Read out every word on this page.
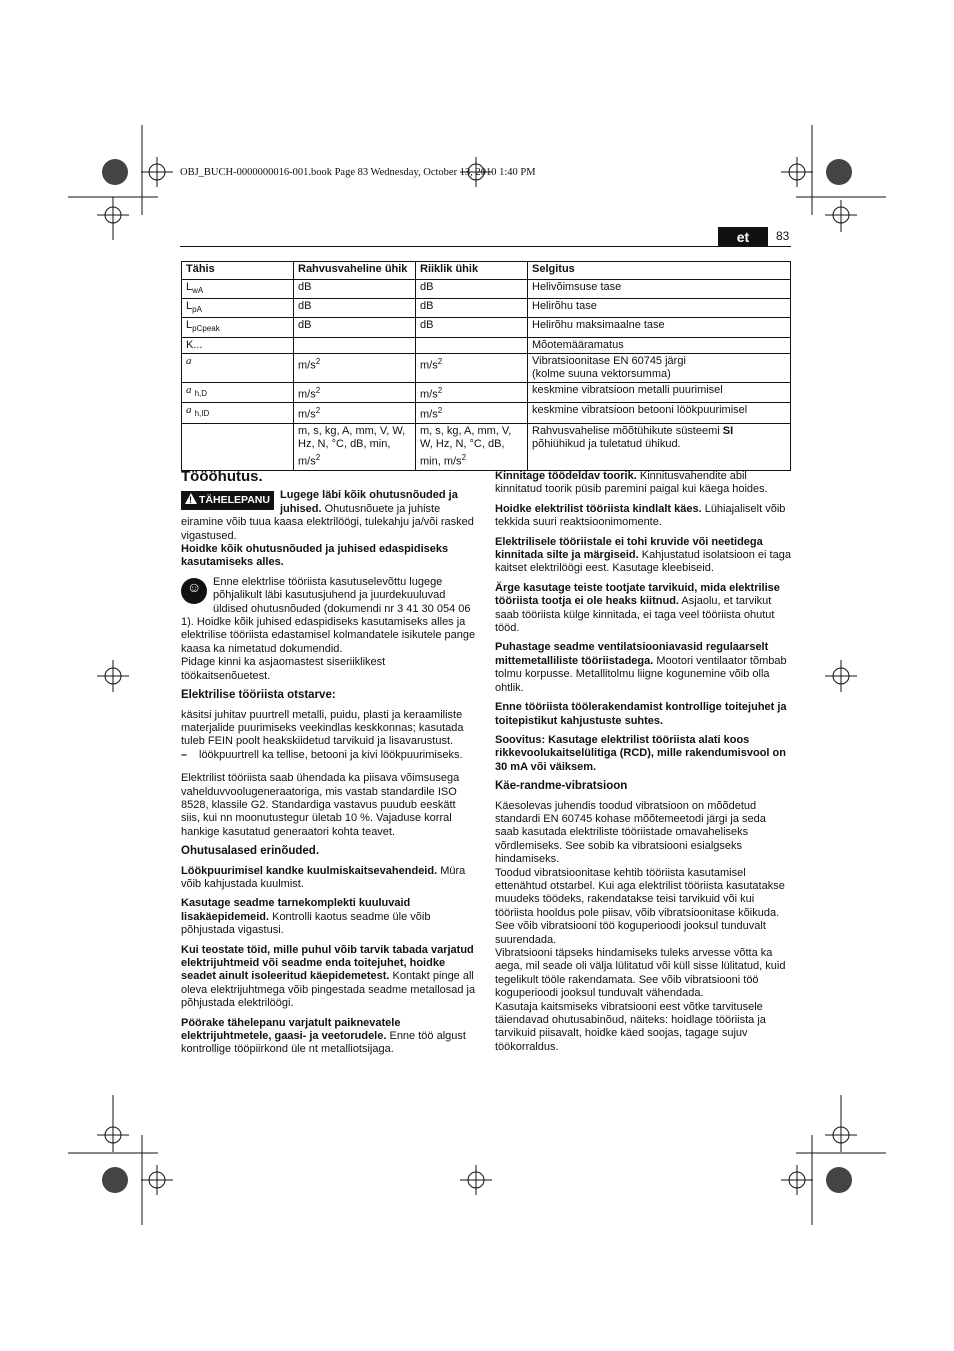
OBJ_BUCH-0000000016-001.book Page 83 Wednesday, October 13, 2010 1:40 PM
et	83
Tähis	Rahvusvaheline ühik	Riiklik ühik	Selgitus
$L_{wA}$	dB	dB	Helivõimsuse tase
$L_{pA}$	dB	dB	Helirõhu tase
$L_{pCpeak}$	dB	dB	Helirõhu maksimaalne tase
K...			Mõotemääramatus
a	$m/s^2$	$m/s^2$	Vibratsioonitase EN 60745 järgi
(kolme suuna vektorsumma)
a $_{h,D}$	$m/s^2$	$m/s^2$	keskmine vibratsioon metalli puurimisel
a $_{h,ID}$	$m/s^2$	$m/s^2$	keskmine vibratsioon betooni löökpuurimisel
	m, s, kg, A, mm, V, W, Hz, N, °C, dB, min, $m/s^2$	m, s, kg, A, mm, V, W, Hz, N, °C, dB, min, $m/s^2$	Rahvusvahelise mõõtühikute süsteemi SI
põhiühikud ja tuletatud ühikud.
Töööhutus.

! TÄHELEPANU Lugege läbi kõik ohutusnõuded ja juhised. Ohutusnõuete ja juhiste eiramine võib tuua kaasa elektrilöögi, tulekahju ja/või rasked vigastused.

Hoidke kõik ohutusnõuded ja juhised edaspidiseks kasutamiseks alles.

☺ Enne elektrlise tööriista kasutuselevõttu lugege põhjalikult läbi kasutusjuhend ja juurdekuuluvad üldised ohutusnõuded (dokumendi nr 3 41 30 054 06 1). Hoidke kõik juhised edaspidiseks kasutamiseks alles ja elektrilise tööriista edastamisel kolmandatele isikutele pange kaasa ka nimetatud dokumendid.

Pidage kinni ka asjaomastest siseriiklikest töökaitsenõuetest.

Elektrilise tööriista otstarve:

käsitsi juhitav puurtrell metalli, puidu, plasti ja keraamiliste materjalide puurimiseks veekindlas keskkonnas; kasutada tuleb FEIN poolt heakskiidetud tarvikuid ja lisavarustust.

–	löökpuurtrell ka tellise, betooni ja kivi löökpuurimiseks.

Elektrilist tööriista saab ühendada ka piisava võimsusega vahelduvvoolugeneraatoriga, mis vastab standardile ISO 8528, klassile G2. Standardiga vastavus puudub eeskätt siis, kui nn moonutustegur ületab 10 %. Vajaduse korral hankige kasutatud generaatori kohta teavet.

Ohutusalased erinõuded.

Löökpuurimisel kandke kuulmiskaitsevahendeid. Müra võib kahjustada kuulmist.

Kasutage seadme tarnekomplekti kuuluvaid lisakäepidemeid. Kontrolli kaotus seadme üle võib põhjustada vigastusi.

Kui teostate töid, mille puhul võib tarvik tabada varjatud elektrijuhtmeid või seadme enda toitejuhet, hoidke seadet ainult isoleeritud käepidemetest. Kontakt pinge all oleva elektrijuhtmega võib pingestada seadme metallosad ja põhjustada elektrilöögi.

Pöörake tähelepanu varjatult paiknevatele elektrijuhtmetele, gaasi- ja veetorudele. Enne töö algust kontrollige tööpiirkond üle nt metalliotsijaga.

Kinnitage töödeldav toorik. Kinnitusvahendite abil kinnitatud toorik püsib paremini paigal kui käega hoides.

Hoidke elektrilist tööriista kindlalt käes. Lühiajaliselt võib tekkida suuri reaktsioonimomente.

Elektrilisele tööriistale ei tohi kruvide või neetidega kinnitada silte ja märgiseid. Kahjustatud isolatsioon ei taga kaitset elektrilöögi eest. Kasutage kleebiseid.

Ärge kasutage teiste tootjate tarvikuid, mida elektrilise tööriista tootja ei ole heaks kiitnud. Asjaolu, et tarvikut saab tööriista külge kinnitada, ei taga veel tööriista ohutut tööd.

Puhastage seadme ventilatsiooniavasid regulaarselt mittemetalliliste tööriistadega. Mootori ventilaator tõmbab tolmu korpusse. Metallitolmu liigne kogunemine võib olla ohtlik.

Enne tööriista töölerakendamist kontrollige toitejuhet ja toitepistikut kahjustuste suhtes.

Soovitus: Kasutage elektrilist tööriista alati koos rikkevoolukaitselülitiga (RCD), mille rakendumisvool on 30 mA või väiksem.

Käe-randme-vibratsioon

Käesolevas juhendis toodud vibratsioon on mõõdetud standardi EN 60745 kohase mõõtemeetodi järgi ja seda saab kasutada elektriliste tööriistade omavaheliseks võrdlemiseks. See sobib ka vibratsiooni esialgseks hindamiseks.

Toodud vibratsioonitase kehtib tööriista kasutamisel ettenähtud otstarbel. Kui aga elektrilist tööriista kasutatakse muudeks töödeks, rakendatakse teisi tarvikuid või kui tööriista hooldus pole piisav, võib vibratsioonitase kõikuda. See võib vibratsiooni töö koguperioodi jooksul tunduvalt suurendada.

Vibratsiooni täpseks hindamiseks tuleks arvesse võtta ka aega, mil seade oli välja lülitatud või küll sisse lülitatud, kuid tegelikult tööle rakendamata. See võib vibratsiooni töö koguperioodi jooksul tunduvalt vähendada.

Kasutaja kaitsmiseks vibratsiooni eest võtke tarvitusele täiendavad ohutusabinõud, näiteks: hoidlage tööriista ja tarvikuid piisavalt, hoidke käed soojas, tagage sujuv töökorraldus.
